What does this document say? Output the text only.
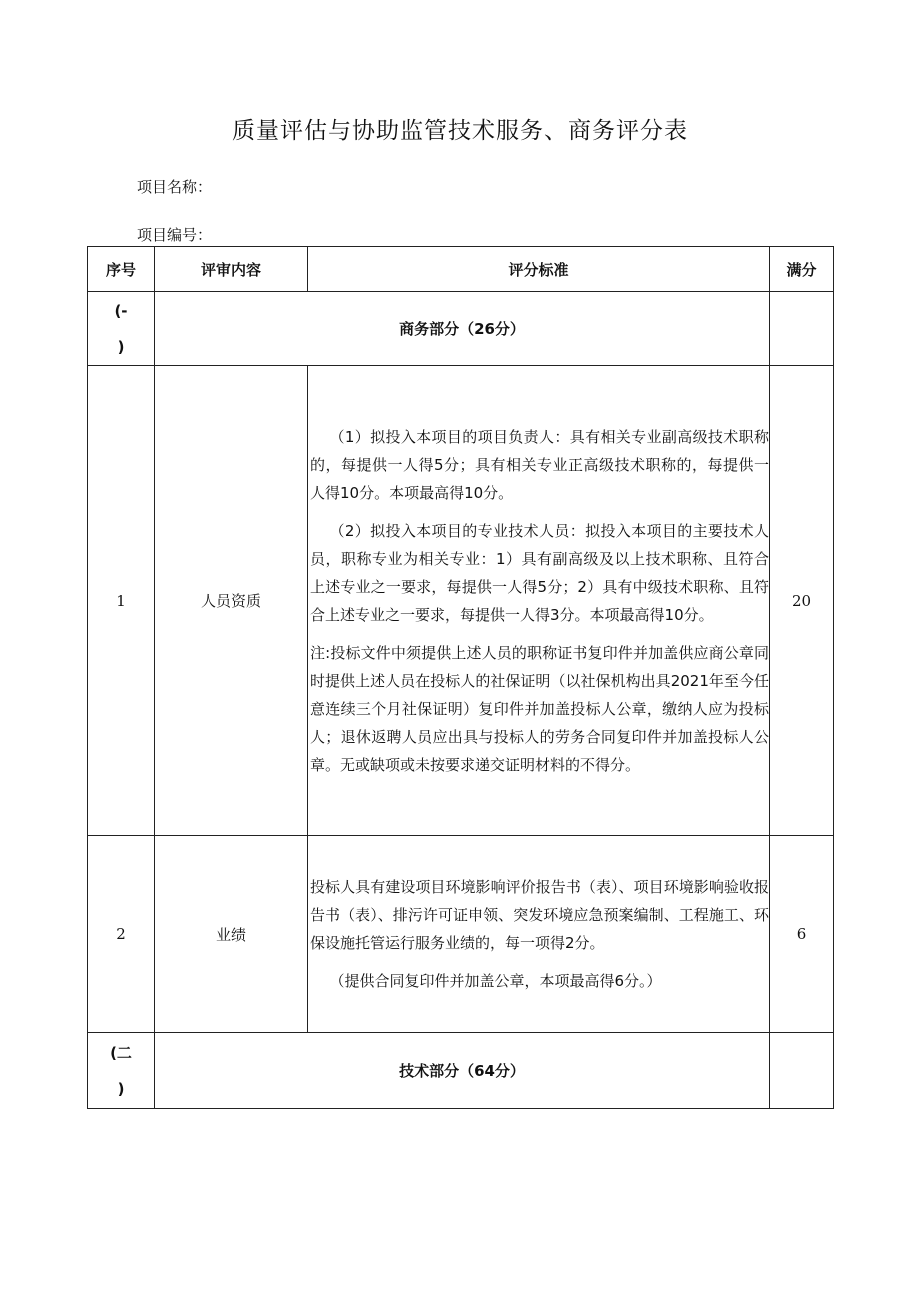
质量评估与协助监管技术服务、商务评分表
项目名称：
项目编号：
序号	评审内容	评分标准	满分

(-
)	商务部分（26分）		
1	人员资质	（1）拟投入本项目的项目负责人：具有相关专业副高级技术职称的，每提供一人得5分；具有相关专业正高级技术职称的，每提供一人得10分。本项最高得10分。

（2）拟投入本项目的专业技术人员：拟投入本项目的主要技术人员，职称专业为相关专业：1）具有副高级及以上技术职称、且符合上述专业之一要求，每提供一人得5分；2）具有中级技术职称、且符合上述专业之一要求，每提供一人得3分。本项最高得10分。

注:投标文件中须提供上述人员的职称证书复印件并加盖供应商公章同时提供上述人员在投标人的社保证明（以社保机构出具2021年至今任意连续三个月社保证明）复印件并加盖投标人公章，缴纳人应为投标人；退休返聘人员应出具与投标人的劳务合同复印件并加盖投标人公章。无或缺项或未按要求递交证明材料的不得分。	20
2	业绩	投标人具有建设项目环境影响评价报告书（表）、项目环境影响验收报告书（表）、排污许可证申领、突发环境应急预案编制、工程施工、环保设施托管运行服务业绩的，每一项得2分。

（提供合同复印件并加盖公章，本项最高得6分。）	6

(二
)	技术部分（64分）		
